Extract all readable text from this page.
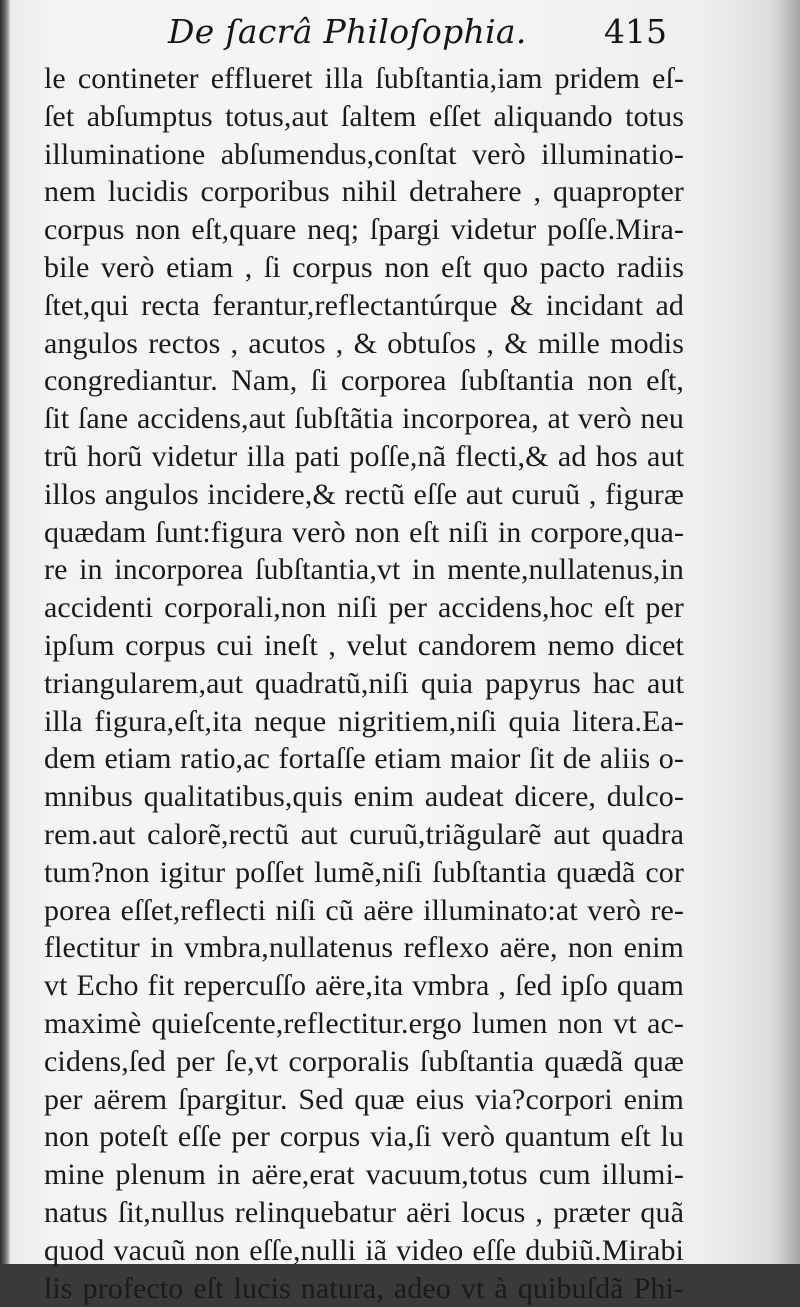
De ſacrâ Philoſophia. 415
le contineter efflueret illa ſubſtantia,iam pridem eſ-
ſet abſumptus totus,aut ſaltem eſſet aliquando totus
illuminatione abſumendus,conſtat verò illuminatio-
nem lucidis corporibus nihil detrahere , quapropter
corpus non eſt,quare neq; ſpargi videtur poſſe.Mira-
bile verò etiam , ſi corpus non eſt quo pacto radiis
ſtet,qui recta ferantur,reflectantúrque & incidant ad
angulos rectos , acutos , & obtuſos , & mille modis
congrediantur. Nam, ſi corporea ſubſtantia non eſt,
ſit ſane accidens,aut ſubſtãtia incorporea, at verò neu
trũ horũ videtur illa pati poſſe,nã flecti,& ad hos aut
illos angulos incidere,& rectũ eſſe aut curuũ , figuræ
quædam ſunt:figura verò non eſt niſi in corpore,qua-
re in incorporea ſubſtantia,vt in mente,nullatenus,in
accidenti corporali,non niſi per accidens,hoc eſt per
ipſum corpus cui ineſt , velut candorem nemo dicet
triangularem,aut quadratũ,niſi quia papyrus hac aut
illa figura,eſt,ita neque nigritiem,niſi quia litera.Ea-
dem etiam ratio,ac fortaſſe etiam maior ſit de aliis o-
mnibus qualitatibus,quis enim audeat dicere, dulco-
rem.aut calorẽ,rectũ aut curuũ,triãgularẽ aut quadra
tum?non igitur poſſet lumẽ,niſi ſubſtantia quædã cor
porea eſſet,reflecti niſi cũ aëre illuminato:at verò re-
flectitur in vmbra,nullatenus reflexo aëre, non enim
vt Echo fit repercuſſo aëre,ita vmbra , ſed ipſo quam
maximè quieſcente,reflectitur.ergo lumen non vt ac-
cidens,ſed per ſe,vt corporalis ſubſtantia quædã quæ
per aërem ſpargitur. Sed quæ eius via?corpori enim
non poteſt eſſe per corpus via,ſi verò quantum eſt lu
mine plenum in aëre,erat vacuum,totus cum illumi-
natus ſit,nullus relinquebatur aëri locus , præter quã
quod vacuũ non eſſe,nulli iã video eſſe dubiũ.Mirabi
lis profecto eſt lucis natura, adeo vt à quibuſdã Phi-
